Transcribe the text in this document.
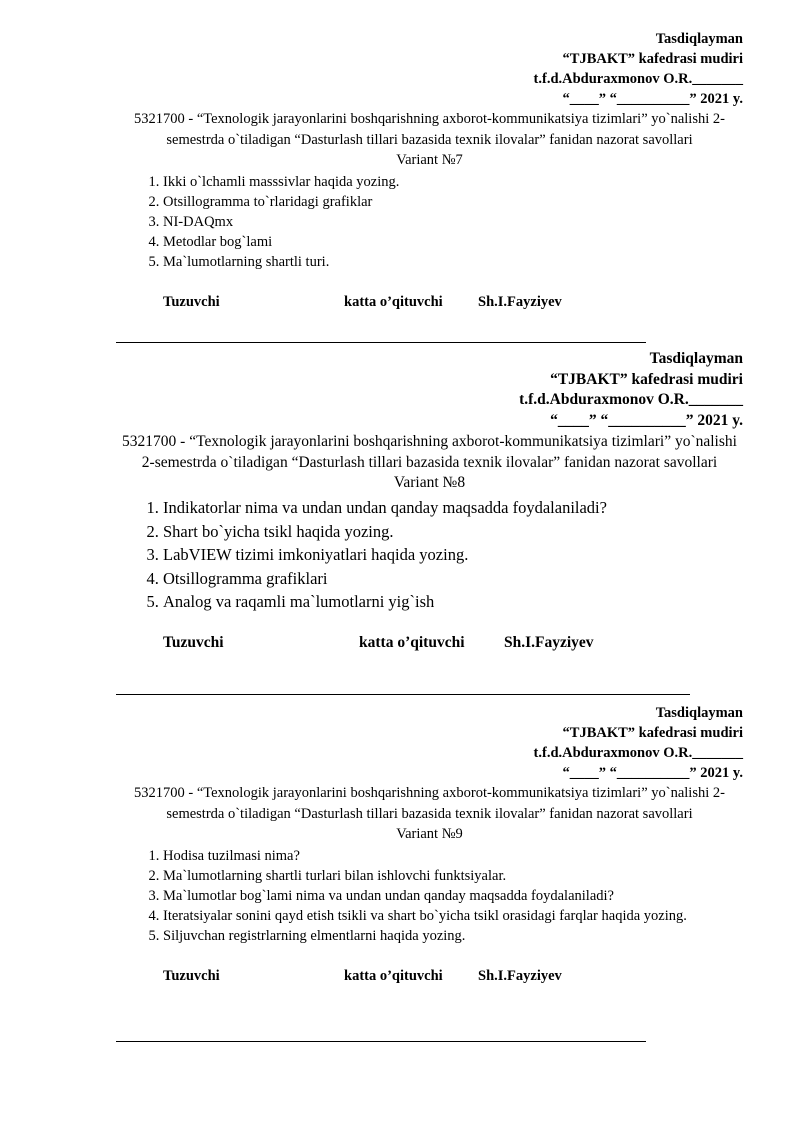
Tasdiqlayman
“TJBAKT” kafedrasi mudiri
t.f.d.Abduraxmonov O.R._______
“____” “__________” 2021 y.
5321700 - “Texnologik jarayonlarini boshqarishning axborot-kommunikatsiya tizimlari” yo`nalishi 2-semestrda o`tiladigan “Dasturlash tillari bazasida texnik ilovalar” fanidan nazorat savollari
Variant №7
1. Ikki o`lchamli masssivlar haqida yozing.
2. Otsillogramma to`rlaridagi grafiklar
3. NI-DAQmx
4. Metodlar bog`lami
5. Ma`lumotlarning shartli turi.
Tuzuvchi	katta o’qituvchi Sh.I.Fayziyev
Tasdiqlayman
“TJBAKT” kafedrasi mudiri
t.f.d.Abduraxmonov O.R._______
“____” “__________” 2021 y.
5321700 - “Texnologik jarayonlarini boshqarishning axborot-kommunikatsiya tizimlari” yo`nalishi 2-semestrda o`tiladigan “Dasturlash tillari bazasida texnik ilovalar” fanidan nazorat savollari
Variant №8
1. Indikatorlar nima va undan undan qanday maqsadda foydalaniladi?
2. Shart bo`yicha tsikl haqida yozing.
3. LabVIEW tizimi imkoniyatlari haqida yozing.
4. Otsillogramma grafiklari
5. Analog va raqamli ma`lumotlarni yig`ish
Tuzuvchi	katta o’qituvchi	Sh.I.Fayziyev
Tasdiqlayman
“TJBAKT” kafedrasi mudiri
t.f.d.Abduraxmonov O.R._______
“____” “__________” 2021 y.
5321700 - “Texnologik jarayonlarini boshqarishning axborot-kommunikatsiya tizimlari” yo`nalishi 2-semestrda o`tiladigan “Dasturlash tillari bazasida texnik ilovalar” fanidan nazorat savollari
Variant №9
1. Hodisa tuzilmasi nima?
2. Ma`lumotlarning shartli turlari bilan ishlovchi funktsiyalar.
3. Ma`lumotlar bog`lami nima va undan undan qanday maqsadda foydalaniladi?
4. Iteratsiyalar sonini qayd etish tsikli va shart bo`yicha tsikl orasidagi farqlar haqida yozing.
5. Siljuvchan registrlarning elmentlarni haqida yozing.
Tuzuvchi	katta o’qituvchi Sh.I.Fayziyev
